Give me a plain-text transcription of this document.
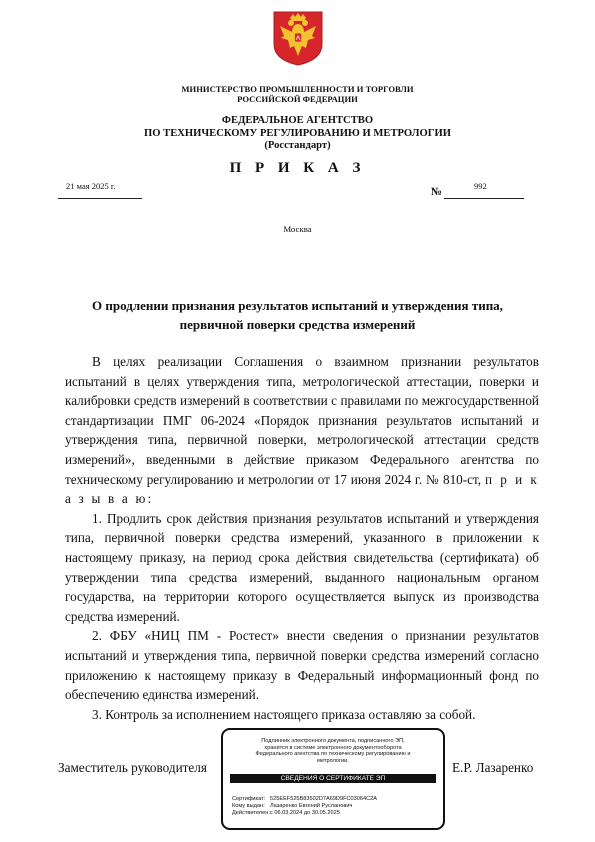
МИНИСТЕРСТВО ПРОМЫШЛЕННОСТИ И ТОРГОВЛИ
РОССИЙСКОЙ ФЕДЕРАЦИИ
ФЕДЕРАЛЬНОЕ АГЕНТСТВО
ПО ТЕХНИЧЕСКОМУ РЕГУЛИРОВАНИЮ И МЕТРОЛОГИИ
(Росстандарт)
П Р И К А З
21 мая 2025 г.	№	992
Москва
О продлении признания результатов испытаний и утверждения типа,
первичной поверки средства измерений

В целях реализации Соглашения о взаимном признании результатов испытаний в целях утверждения типа, метрологической аттестации, поверки и калибровки средств измерений в соответствии с правилами по межгосударственной стандартизации ПМГ 06-2024 «Порядок признания результатов испытаний и утверждения типа, первичной поверки, метрологической аттестации средств измерений», введенными в действие приказом Федерального агентства по техническому регулированию и метрологии от 17 июня 2024 г. № 810-ст, п р и к а з ы в а ю:

1. Продлить срок действия признания результатов испытаний и утверждения типа, первичной поверки средства измерений, указанного в приложении к настоящему приказу, на период срока действия свидетельства (сертификата) об утверждении типа средства измерений, выданного национальным органом государства, на территории которого осуществляется выпуск из производства средства измерений.

2. ФБУ «НИЦ ПМ - Ростест» внести сведения о признании результатов испытаний и утверждения типа, первичной поверки средства измерений согласно приложению к настоящему приказу в Федеральный информационный фонд по обеспечению единства измерений.

3. Контроль за исполнением настоящего приказа оставляю за собой.

Заместитель руководителя	Е.Р. Лазаренко
Подлинник электронного документа, подписанного ЭП,
хранится в системе электронного документооборота
Федерального агентства по техническому регулированию и
метрологии.
СВЕДЕНИЯ О СЕРТИФИКАТЕ ЭП
Сертификат: 525EEF525B83502D7A69D9FC03064C2A
Кому выдан: Лазаренко Евгений Русланович
Действителен:с 06.03.2024 до 30.05.2025
